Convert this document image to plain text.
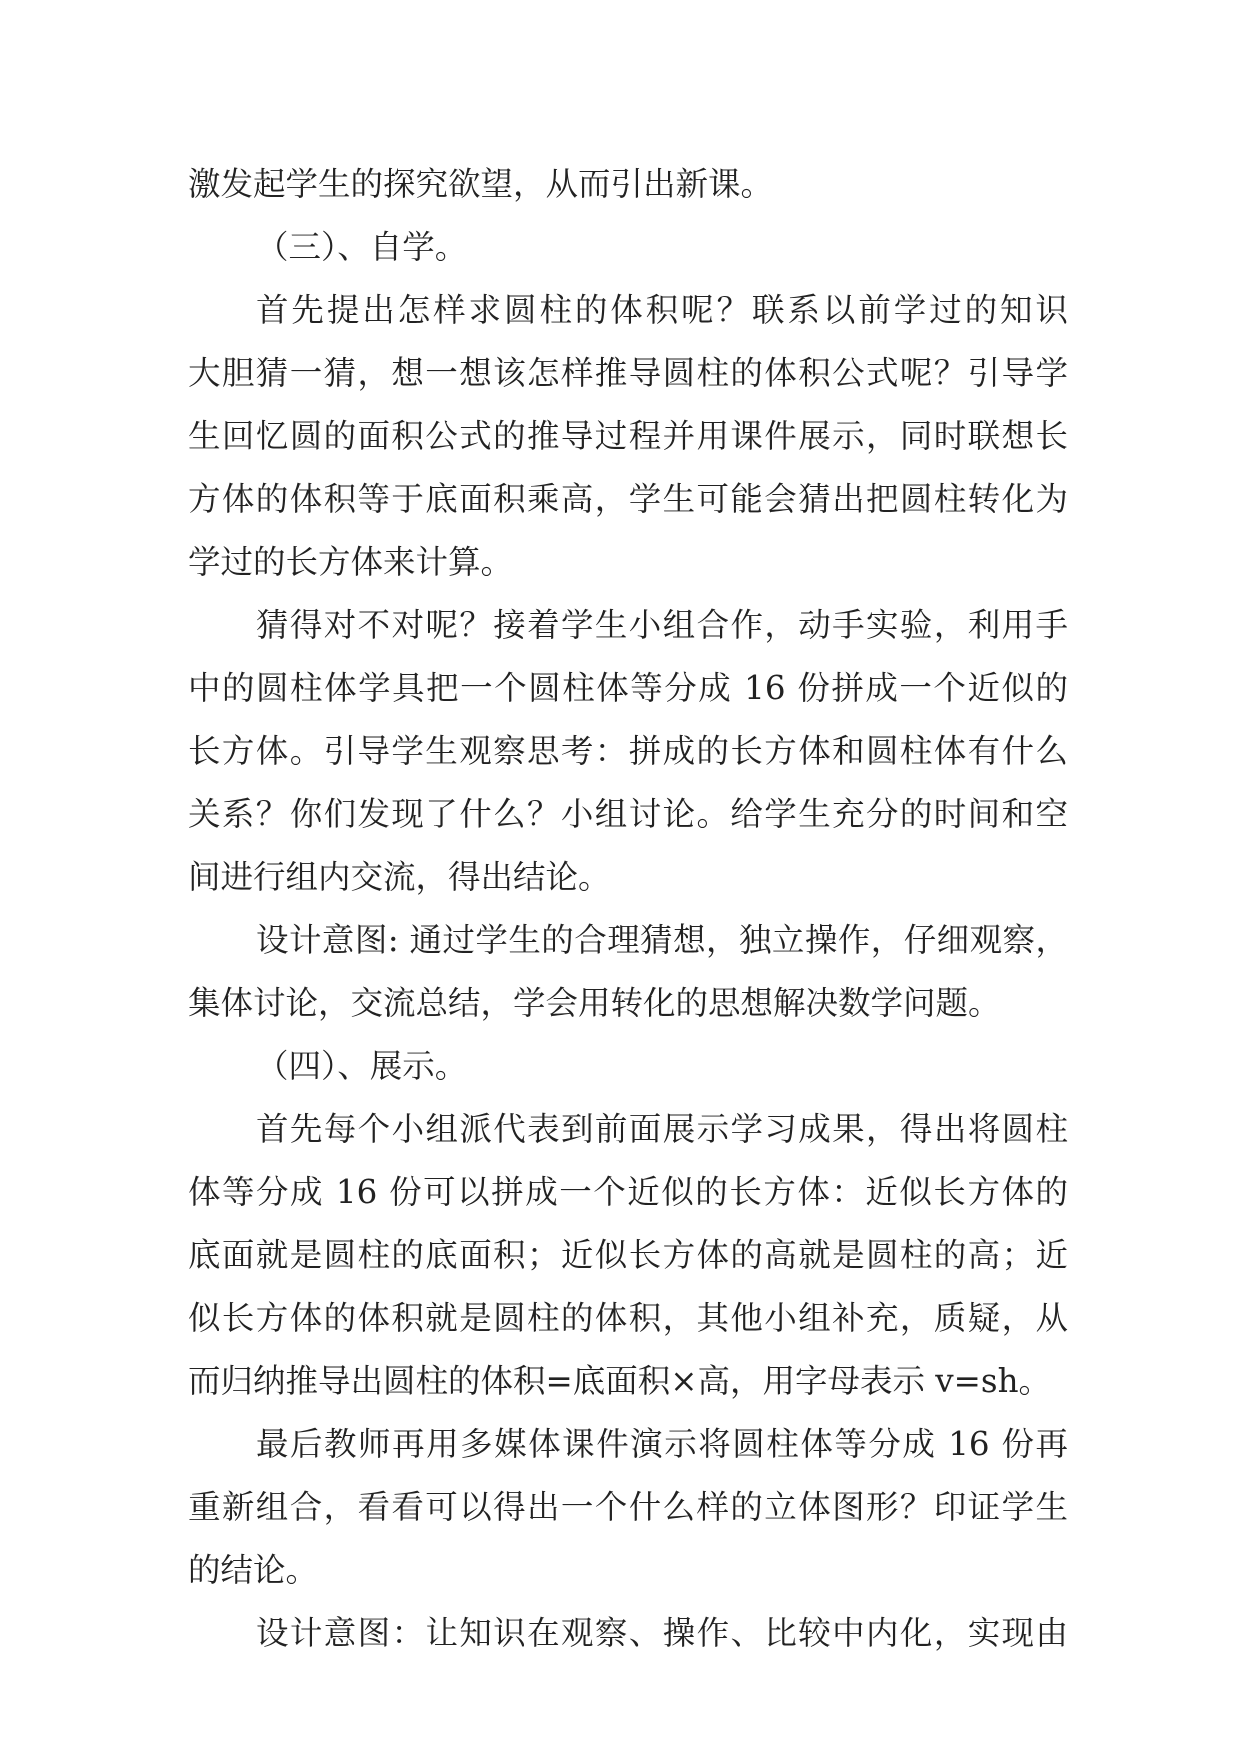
激发起学生的探究欲望，从而引出新课。
（三）、自学。
首先提出怎样求圆柱的体积呢？联系以前学过的知识
大胆猜一猜，想一想该怎样推导圆柱的体积公式呢？引导学
生回忆圆的面积公式的推导过程并用课件展示，同时联想长
方体的体积等于底面积乘高，学生可能会猜出把圆柱转化为
学过的长方体来计算。
猜得对不对呢？接着学生小组合作，动手实验，利用手
中的圆柱体学具把一个圆柱体等分成 16 份拼成一个近似的
长方体。引导学生观察思考：拼成的长方体和圆柱体有什么
关系？你们发现了什么？小组讨论。给学生充分的时间和空
间进行组内交流，得出结论。
设计意图: 通过学生的合理猜想，独立操作，仔细观察，
集体讨论，交流总结，学会用转化的思想解决数学问题。
（四）、展示。
首先每个小组派代表到前面展示学习成果，得出将圆柱
体等分成 16 份可以拼成一个近似的长方体：近似长方体的
底面就是圆柱的底面积；近似长方体的高就是圆柱的高；近
似长方体的体积就是圆柱的体积，其他小组补充，质疑，从
而归纳推导出圆柱的体积=底面积×高，用字母表示 v=sh。
最后教师再用多媒体课件演示将圆柱体等分成 16 份再
重新组合，看看可以得出一个什么样的立体图形？印证学生
的结论。
设计意图：让知识在观察、操作、比较中内化，实现由
